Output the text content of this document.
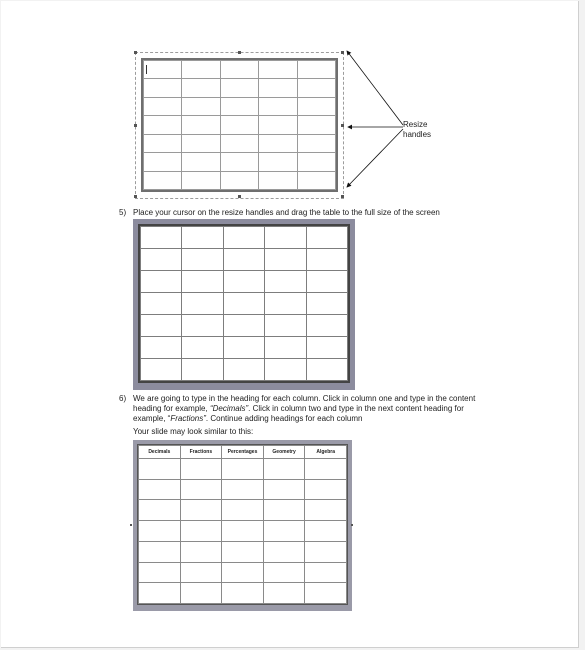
Resize
handles
5) Place your cursor on the resize handles and drag the table to the full size of the screen

6) We are going to type in the heading for each column. Click in column one and type in the content
heading for example, “Decimals”. Click in column two and type in the next content heading for
example, “Fractions”. Continue adding headings for each column
Your slide may look similar to this:
Decimals	Fractions	Percentages	Geometry	Algebra
